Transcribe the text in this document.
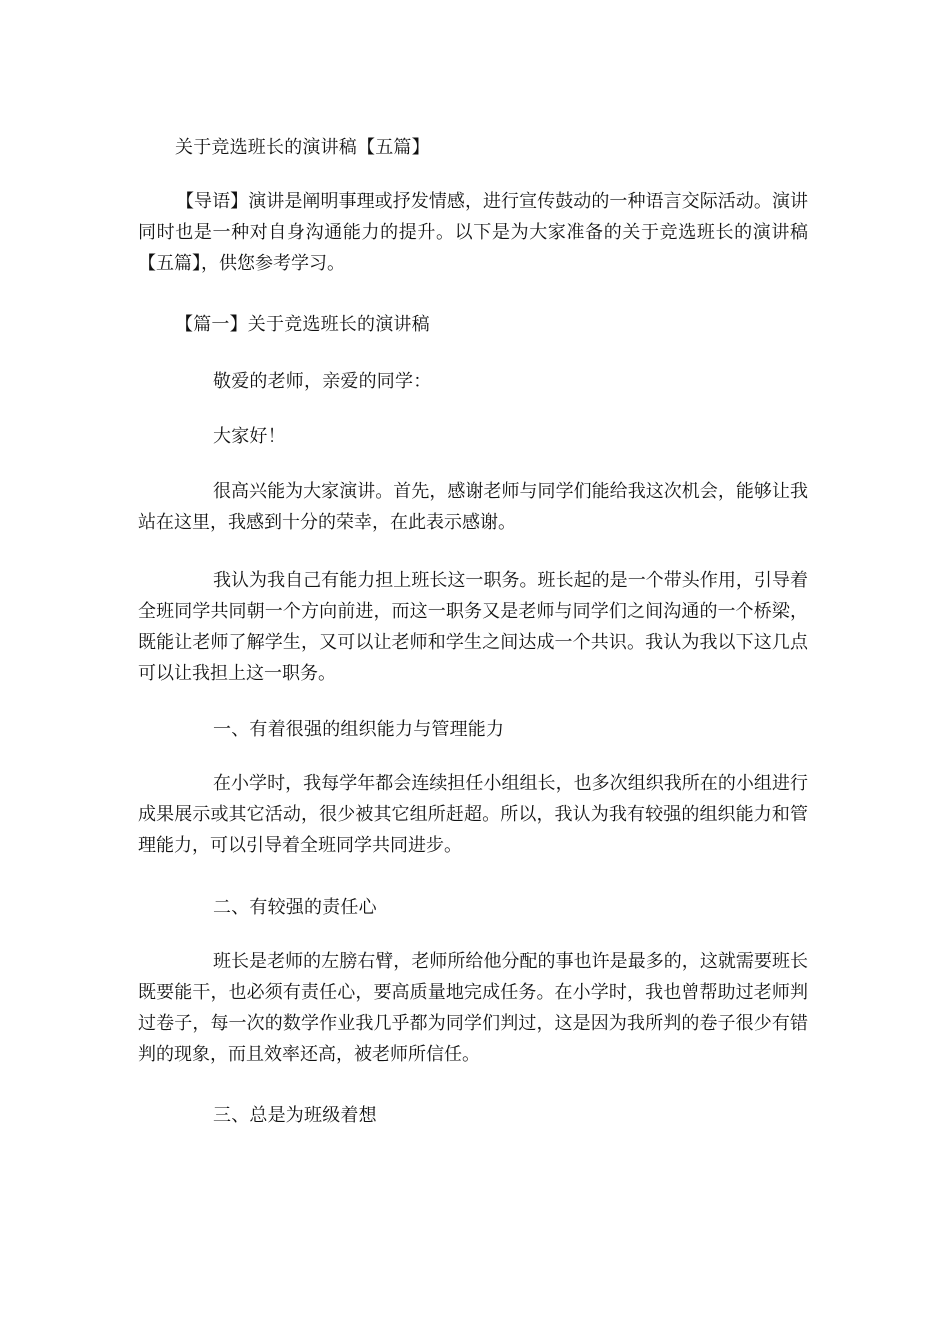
关于竞选班长的演讲稿【五篇】
【导语】演讲是阐明事理或抒发情感，进行宣传鼓动的一种语言交际活动。演讲同时也是一种对自身沟通能力的提升。以下是为大家准备的关于竞选班长的演讲稿【五篇】，供您参考学习。
【篇一】关于竞选班长的演讲稿
敬爱的老师，亲爱的同学：
大家好！
很高兴能为大家演讲。首先，感谢老师与同学们能给我这次机会，能够让我站在这里，我感到十分的荣幸，在此表示感谢。
我认为我自己有能力担上班长这一职务。班长起的是一个带头作用，引导着全班同学共同朝一个方向前进，而这一职务又是老师与同学们之间沟通的一个桥梁，既能让老师了解学生，又可以让老师和学生之间达成一个共识。我认为我以下这几点可以让我担上这一职务。
一、有着很强的组织能力与管理能力
在小学时，我每学年都会连续担任小组组长，也多次组织我所在的小组进行成果展示或其它活动，很少被其它组所赶超。所以，我认为我有较强的组织能力和管理能力，可以引导着全班同学共同进步。
二、有较强的责任心
班长是老师的左膀右臂，老师所给他分配的事也许是最多的，这就需要班长既要能干，也必须有责任心，要高质量地完成任务。在小学时，我也曾帮助过老师判过卷子，每一次的数学作业我几乎都为同学们判过，这是因为我所判的卷子很少有错判的现象，而且效率还高，被老师所信任。
三、总是为班级着想
